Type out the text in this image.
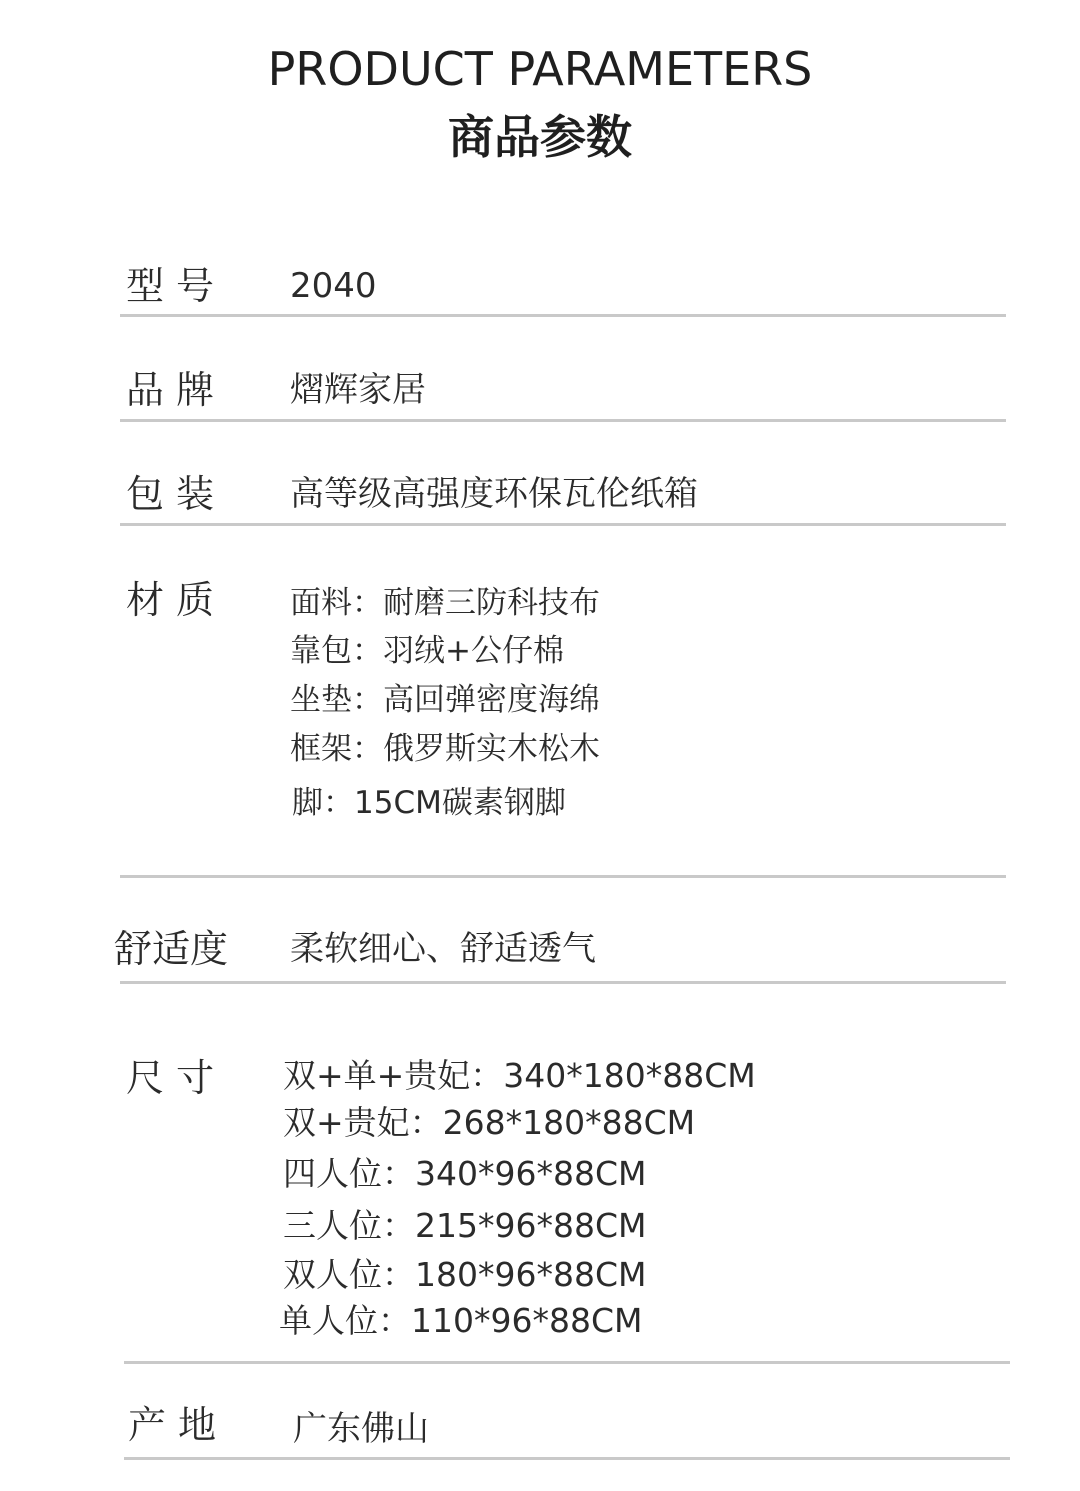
PRODUCT PARAMETERS
商品参数
型号 2040
品牌 熠辉家居
包装 高等级高强度环保瓦伦纸箱
材质 面料：耐磨三防科技布
靠包：羽绒+公仔棉
坐垫：高回弹密度海绵
框架：俄罗斯实木松木
脚：15CM碳素钢脚
舒适度 柔软细心、舒适透气
尺寸 双+单+贵妃：340*180*88CM
双+贵妃：268*180*88CM
四人位：340*96*88CM
三人位：215*96*88CM
双人位：180*96*88CM
单人位：110*96*88CM
产地 广东佛山
